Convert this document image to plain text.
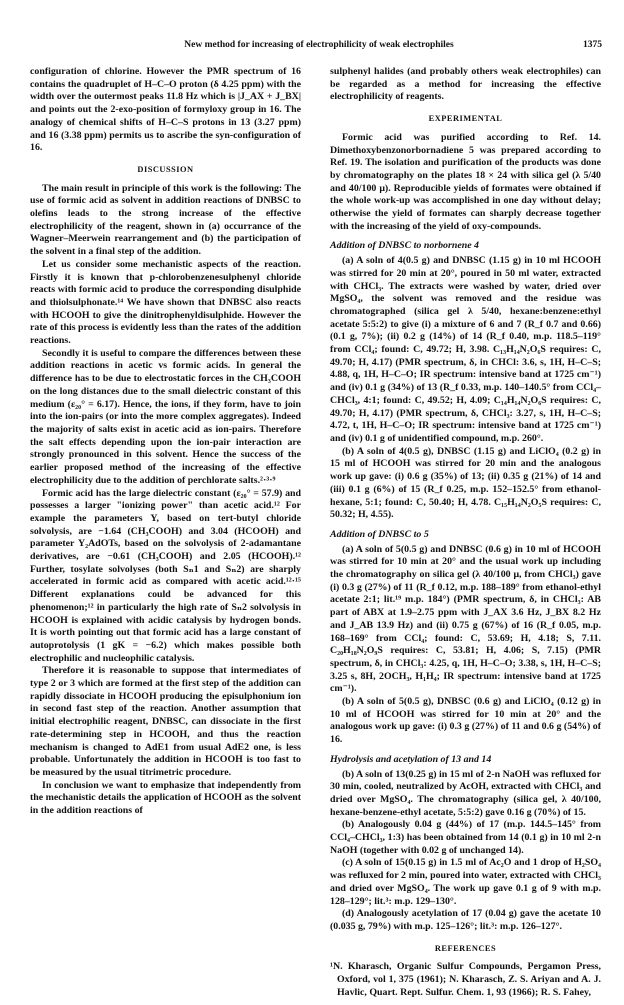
New method for increasing of electrophilicity of weak electrophiles	1375

configuration of chlorine. However the PMR spectrum of 16 contains the quadruplet of H–C–O proton (δ 4.25 ppm) with the width over the outermost peaks 11.8 Hz which is |J_AX + J_BX| and points out the 2-exo-position of formyloxy group in 16. The analogy of chemical shifts of H–C–S protons in 13 (3.27 ppm) and 16 (3.38 ppm) permits us to ascribe the syn-configuration of 16.

DISCUSSION

The main result in principle of this work is the following: The use of formic acid as solvent in addition reactions of DNBSC to olefins leads to the strong increase of the effective electrophilicity of the reagent, shown in (a) occurrance of the Wagner–Meerwein rearrangement and (b) the participation of the solvent in a final step of the addition.

Let us consider some mechanistic aspects of the reaction. Firstly it is known that p-chlorobenzenesulphenyl chloride reacts with formic acid to produce the corresponding disulphide and thiolsulphonate.¹⁴ We have shown that DNBSC also reacts with HCOOH to give the dinitrophenyldisulphide. However the rate of this process is evidently less than the rates of the addition reactions.

Secondly it is useful to compare the differences between these addition reactions in acetic vs formic acids. In general the difference has to be due to electrostatic forces in the CH₃COOH on the long distances due to the small dielectric constant of this medium (ε₂₀° = 6.17). Hence, the ions, if they form, have to join into the ion-pairs (or into the more complex aggregates). Indeed the majority of salts exist in acetic acid as ion-pairs. Therefore the salt effects depending upon the ion-pair interaction are strongly pronounced in this solvent. Hence the success of the earlier proposed method of the increasing of the effective electrophilicity due to the addition of perchlorate salts.²·³·⁹

Formic acid has the large dielectric constant (ε₂₀° = 57.9) and possesses a larger "ionizing power" than acetic acid.¹² For example the parameters Y, based on tert-butyl chloride solvolysis, are −1.64 (CH₃COOH) and 3.04 (HCOOH) and parameter Y₂AdOTs, based on the solvolysis of 2-adamantane derivatives, are −0.61 (CH₃COOH) and 2.05 (HCOOH).¹² Further, tosylate solvolyses (both Sₙ1 and Sₙ2) are sharply accelerated in formic acid as compared with acetic acid.¹²·¹⁵ Different explanations could be advanced for this phenomenon;¹² in particularly the high rate of Sₙ2 solvolysis in HCOOH is explained with acidic catalysis by hydrogen bonds. It is worth pointing out that formic acid has a large constant of autoprotolysis (1 gK = −6.2) which makes possible both electrophilic and nucleophilic catalysis.

Therefore it is reasonable to suppose that intermediates of type 2 or 3 which are formed at the first step of the addition can rapidly dissociate in HCOOH producing the episulphonium ion in second fast step of the reaction. Another assumption that initial electrophilic reagent, DNBSC, can dissociate in the first rate-determining step in HCOOH, and thus the reaction mechanism is changed to AdE1 from usual AdE2 one, is less probable. Unfortunately the addition in HCOOH is too fast to be measured by the usual titrimetric procedure.

In conclusion we want to emphasize that independently from the mechanistic details the application of HCOOH as the solvent in the addition reactions of

sulphenyl halides (and probably others weak electrophiles) can be regarded as a method for increasing the effective electrophilicity of reagents.

EXPERIMENTAL

Formic acid was purified according to Ref. 14. Dimethoxybenzonorbornadiene 5 was prepared according to Ref. 19. The isolation and purification of the products was done by chromatography on the plates 18 × 24 with silica gel (λ 5/40 and 40/100 μ). Reproducible yields of formates were obtained if the whole work-up was accomplished in one day without delay; otherwise the yield of formates can sharply decrease together with the increasing of the yield of oxy-compounds.

Addition of DNBSC to norbornene 4

(a) A soln of 4(0.5 g) and DNBSC (1.15 g) in 10 ml HCOOH was stirred for 20 min at 20°, poured in 50 ml water, extracted with CHCl₃. The extracts were washed by water, dried over MgSO₄, the solvent was removed and the residue was chromatographed (silica gel λ 5/40, hexane:benzene:ethyl acetate 5:5:2) to give (i) a mixture of 6 and 7 (R_f 0.7 and 0.66) (0.1 g, 7%); (ii) 0.2 g (14%) of 14 (R_f 0.40, m.p. 118.5–119° from CCl₄; found: C, 49.72; H, 3.98. C₁₃H₁₄N₂O₆S requires: C, 49.70; H, 4.17) (PMR spectrum, δ, in CHCl: 3.6, s, 1H, H–C–S; 4.88, q, 1H, H–C–O; IR spectrum: intensive band at 1725 cm⁻¹) and (iv) 0.1 g (34%) of 13 (R_f 0.33, m.p. 140–140.5° from CCl₄–CHCl₃, 4:1; found: C, 49.52; H, 4.09; C₁₄H₁₄N₂O₆S requires: C, 49.70; H, 4.17) (PMR spectrum, δ, CHCl₃: 3.27, s, 1H, H–C–S; 4.72, t, 1H, H–C–O; IR spectrum: intensive band at 1725 cm⁻¹) and (iv) 0.1 g of unidentified compound, m.p. 260°.

(b) A soln of 4(0.5 g), DNBSC (1.15 g) and LiClO₄ (0.2 g) in 15 ml of HCOOH was stirred for 20 min and the analogous work up gave: (i) 0.6 g (35%) of 13; (ii) 0.35 g (21%) of 14 and (iii) 0.1 g (6%) of 15 (R_f 0.25, m.p. 152–152.5° from ethanol-hexane, 5:1; found: C, 50.40; H, 4.78. C₁₅H₁₄N₂O₅S requires: C, 50.32; H, 4.55).

Addition of DNBSC to 5

(a) A soln of 5(0.5 g) and DNBSC (0.6 g) in 10 ml of HCOOH was stirred for 10 min at 20° and the usual work up including the chromatography on silica gel (λ 40/100 μ, from CHCl₃) gave (i) 0.3 g (27%) of 11 (R_f 0.12, m.p. 188–189° from ethanol-ethyl acetate 2:1; lit.¹⁹ m.p. 184°) (PMR spectrum, δ, in CHCl₃: AB part of ABX at 1.9–2.75 ppm with J_AX 3.6 Hz, J_BX 8.2 Hz and J_AB 13.9 Hz) and (ii) 0.75 g (67%) of 16 (R_f 0.05, m.p. 168–169° from CCl₄; found: C, 53.69; H, 4.18; S, 7.11. C₂₀H₁₈N₂O₉S requires: C, 53.81; H, 4.06; S, 7.15) (PMR spectrum, δ, in CHCl₃: 4.25, q, 1H, H–C–O; 3.38, s, 1H, H–C–S; 3.25 s, 8H, 2OCH₃, H₁H₄; IR spectrum: intensive band at 1725 cm⁻¹).

(b) A soln of 5(0.5 g), DNBSC (0.6 g) and LiClO₄ (0.12 g) in 10 ml of HCOOH was stirred for 10 min at 20° and the analogous work up gave: (i) 0.3 g (27%) of 11 and 0.6 g (54%) of 16.

Hydrolysis and acetylation of 13 and 14

(b) A soln of 13(0.25 g) in 15 ml of 2-n NaOH was refluxed for 30 min, cooled, neutralized by AcOH, extracted with CHCl₃ and dried over MgSO₄. The chromatography (silica gel, λ 40/100, hexane-benzene-ethyl acetate, 5:5:2) gave 0.16 g (70%) of 15.

(b) Analogously 0.04 g (44%) of 17 (m.p. 144.5–145° from CCl₄–CHCl₃, 1:3) has been obtained from 14 (0.1 g) in 10 ml 2-n NaOH (together with 0.02 g of unchanged 14).

(c) A soln of 15(0.15 g) in 1.5 ml of Ac₂O and 1 drop of H₂SO₄ was refluxed for 2 min, poured into water, extracted with CHCl₃ and dried over MgSO₄. The work up gave 0.1 g of 9 with m.p. 128–129°; lit.³: m.p. 129–130°.

(d) Analogously acetylation of 17 (0.04 g) gave the acetate 10 (0.035 g, 79%) with m.p. 125–126°; lit.³: m.p. 126–127°.

REFERENCES

¹N. Kharasch, Organic Sulfur Compounds, Pergamon Press, Oxford, vol 1, 375 (1961); N. Kharasch, Z. S. Ariyan and A. J. Havlic, Quart. Rept. Sulfur. Chem. 1, 93 (1966); R. S. Fahey,
